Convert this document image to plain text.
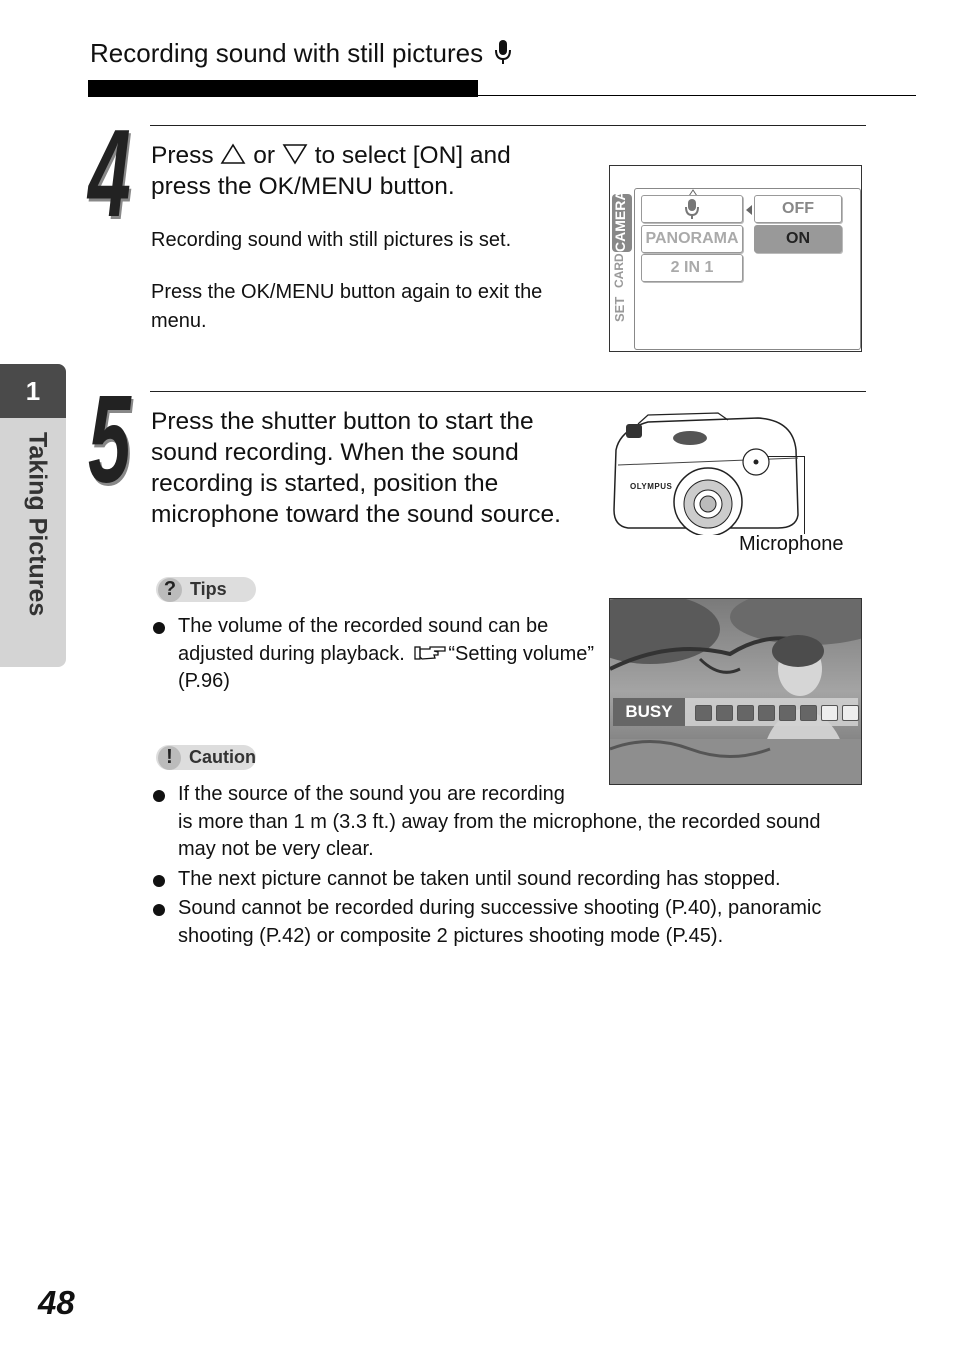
Recording sound with still pictures
1
Taking Pictures
4 Press or to select [ON] and
press the OK/MENU button.
Recording sound with still pictures is set.
Press the OK/MENU button again to exit the menu.
CAMERA
CARD
SET
PANORAMA
2 IN 1
OFF
ON
5 Press the shutter button to start the sound recording. When the sound recording is started, position the microphone toward the sound source.
OLYMPUS
Microphone
? Tips
The volume of the recorded sound can be adjusted during playback. “Setting volume” (P.96)
BUSY
! Caution
If the source of the sound you are recording
is more than 1 m (3.3 ft.) away from the microphone, the recorded sound may not be very clear.
The next picture cannot be taken until sound recording has stopped.
Sound cannot be recorded during successive shooting (P.40), panoramic shooting (P.42) or composite 2 pictures shooting mode (P.45).
48
